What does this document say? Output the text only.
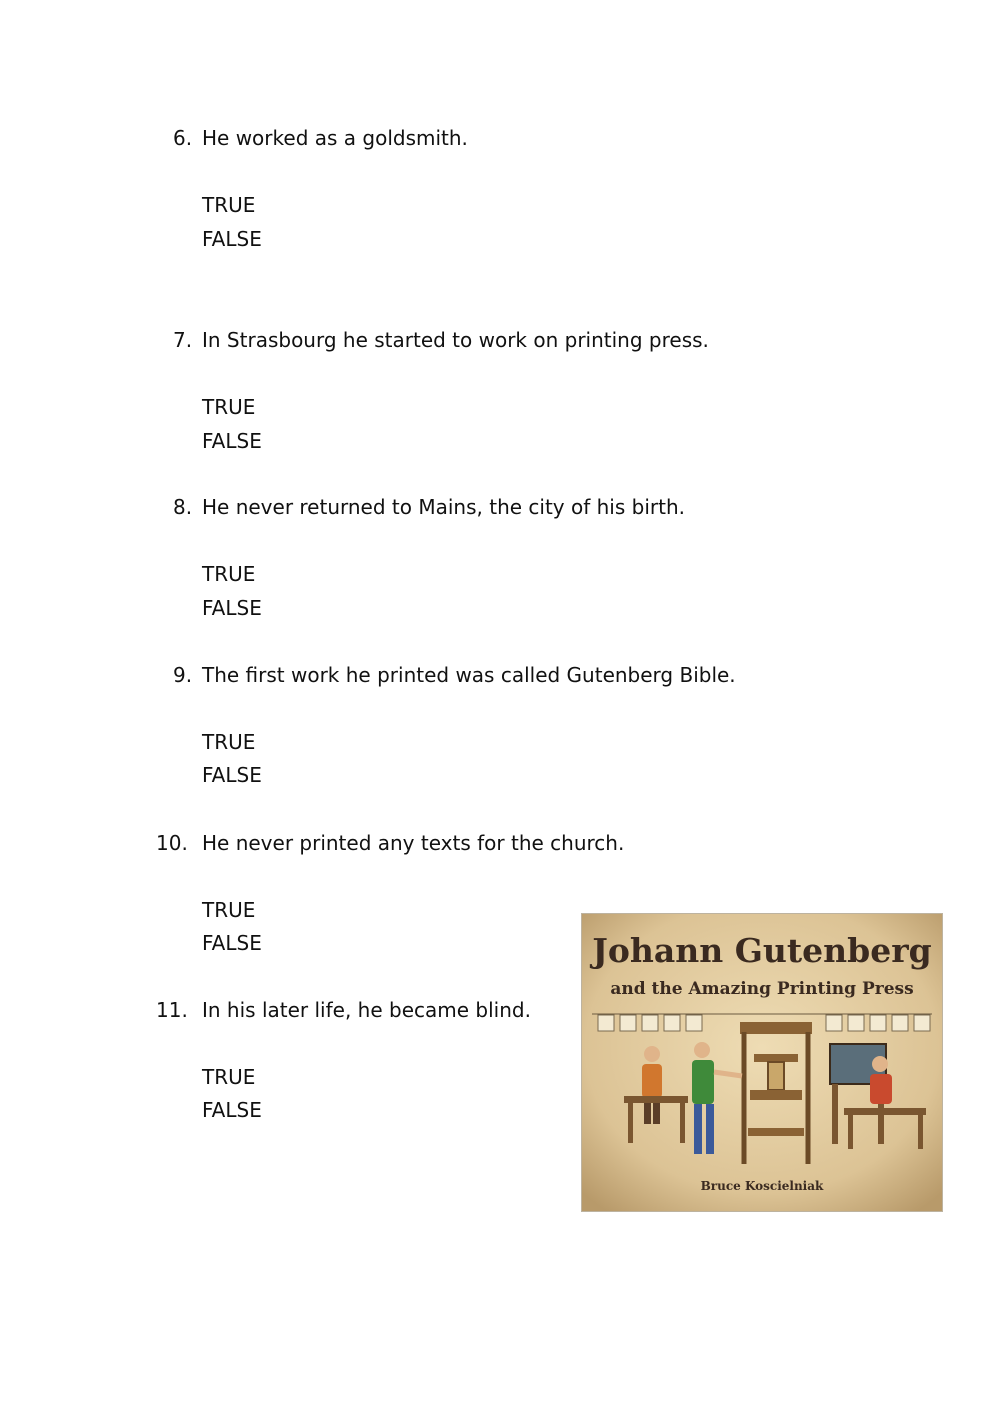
6. He worked as a goldsmith.
TRUE
FALSE
7. In Strasbourg he started to work on printing press.
TRUE
FALSE
8. He never returned to Mains, the city of his birth.
TRUE
FALSE
9. The first work he printed was called Gutenberg Bible.
TRUE
FALSE
10. He never printed any texts for the church.
TRUE
FALSE
11. In his later life, he became blind.
TRUE
FALSE
Johann Gutenberg
and the Amazing Printing Press
Bruce Koscielniak
